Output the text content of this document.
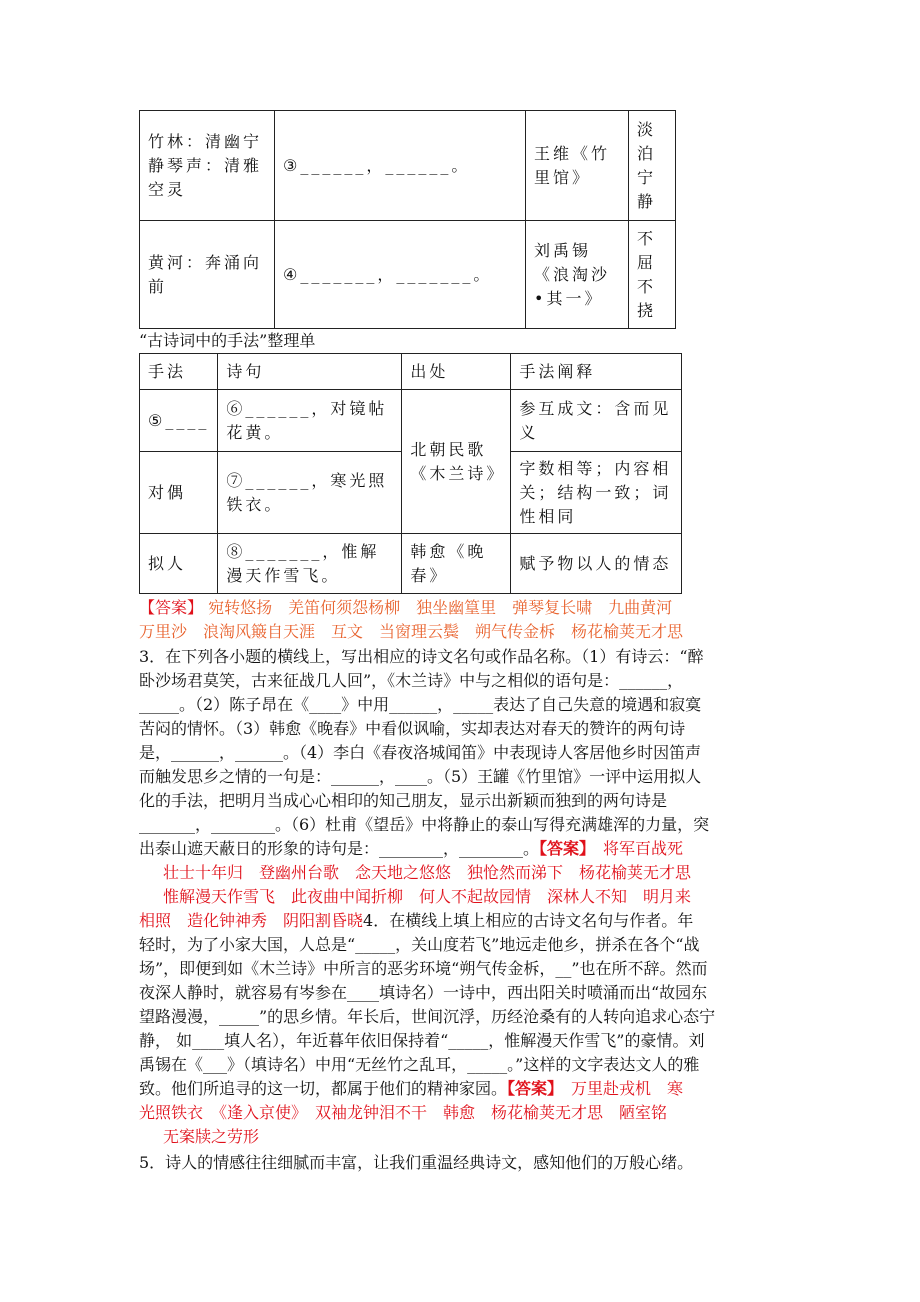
竹林：清幽宁静琴声：清雅空灵	③______，______。	王维《竹里馆》	淡泊宁静
黄河：奔涌向前	④_______，_______。	刘禹锡《浪淘沙•其一》	不屈不挠
“古诗词中的手法”整理单
手法	诗句	出处	手法阐释
⑤____	⑥______，对镜帖花黄。	北朝民歌《木兰诗》	参互成文：含而见义
对偶	⑦______，寒光照铁衣。		字数相等；内容相关；结构一致；词性相同
拟人	⑧_______，惟解漫天作雪飞。	韩愈《晚春》	赋予物以人的情态
【答案】 宛转悠扬　羌笛何须怨杨柳　独坐幽篁里　弹琴复长啸　九曲黄河
万里沙　浪淘风簸自天涯　互文　当窗理云鬓　朔气传金柝　杨花榆荚无才思
3．在下列各小题的横线上，写出相应的诗文名句或作品名称。（1）有诗云：“醉
卧沙场君莫笑，古来征战几人回”，《木兰诗》中与之相似的语句是：______，
_____。（2）陈子昂在《____》中用______，_____表达了自己失意的境遇和寂寞
苦闷的情怀。（3）韩愈《晚春》中看似讽喻，实却表达对春天的赞许的两句诗
是，______，______。（4）李白《春夜洛城闻笛》中表现诗人客居他乡时因笛声
而触发思乡之情的一句是：______，____。（5）王罐《竹里馆》一评中运用拟人
化的手法，把明月当成心心相印的知己朋友，显示出新颖而独到的两句诗是
_______，________。（6）杜甫《望岳》中将静止的泰山写得充满雄浑的力量，突
出泰山遮天蔽日的形象的诗句是：________，________。【答案】　 将军百战死
壮士十年归　登幽州台歌　念天地之悠悠　独怆然而涕下　杨花榆荚无才思
惟解漫天作雪飞　此夜曲中闻折柳　何人不起故园情　深林人不知　明月来
相照　造化钟神秀　阴阳割昏晓4．在横线上填上相应的古诗文名句与作者。年
轻时，为了小家大国，人总是“_____，关山度若飞”地远走他乡，拼杀在各个“战
场”，即便到如《木兰诗》中所言的恶劣环境“朔气传金柝，__”也在所不辞。然而
夜深人静时，就容易有岑参在____填诗名）一诗中，西出阳关时喷涌而出“故园东
望路漫漫，_____”的思乡情。年长后，世间沉浮，历经沧桑有的人转向追求心态宁
静， 如____填人名），年近暮年依旧保持着“_____，惟解漫天作雪飞”的豪情。刘
禹锡在《___》（填诗名）中用“无丝竹之乱耳，_____。”这样的文字表达文人的雅
致。他们所追寻的这一切，都属于他们的精神家园。【答案】　 万里赴戎机　寒
光照铁衣　《逢入京使》　双袖龙钟泪不干　韩愈　杨花榆荚无才思　陋室铭
无案牍之劳形
5．诗人的情感往往细腻而丰富，让我们重温经典诗文，感知他们的万般心绪。
